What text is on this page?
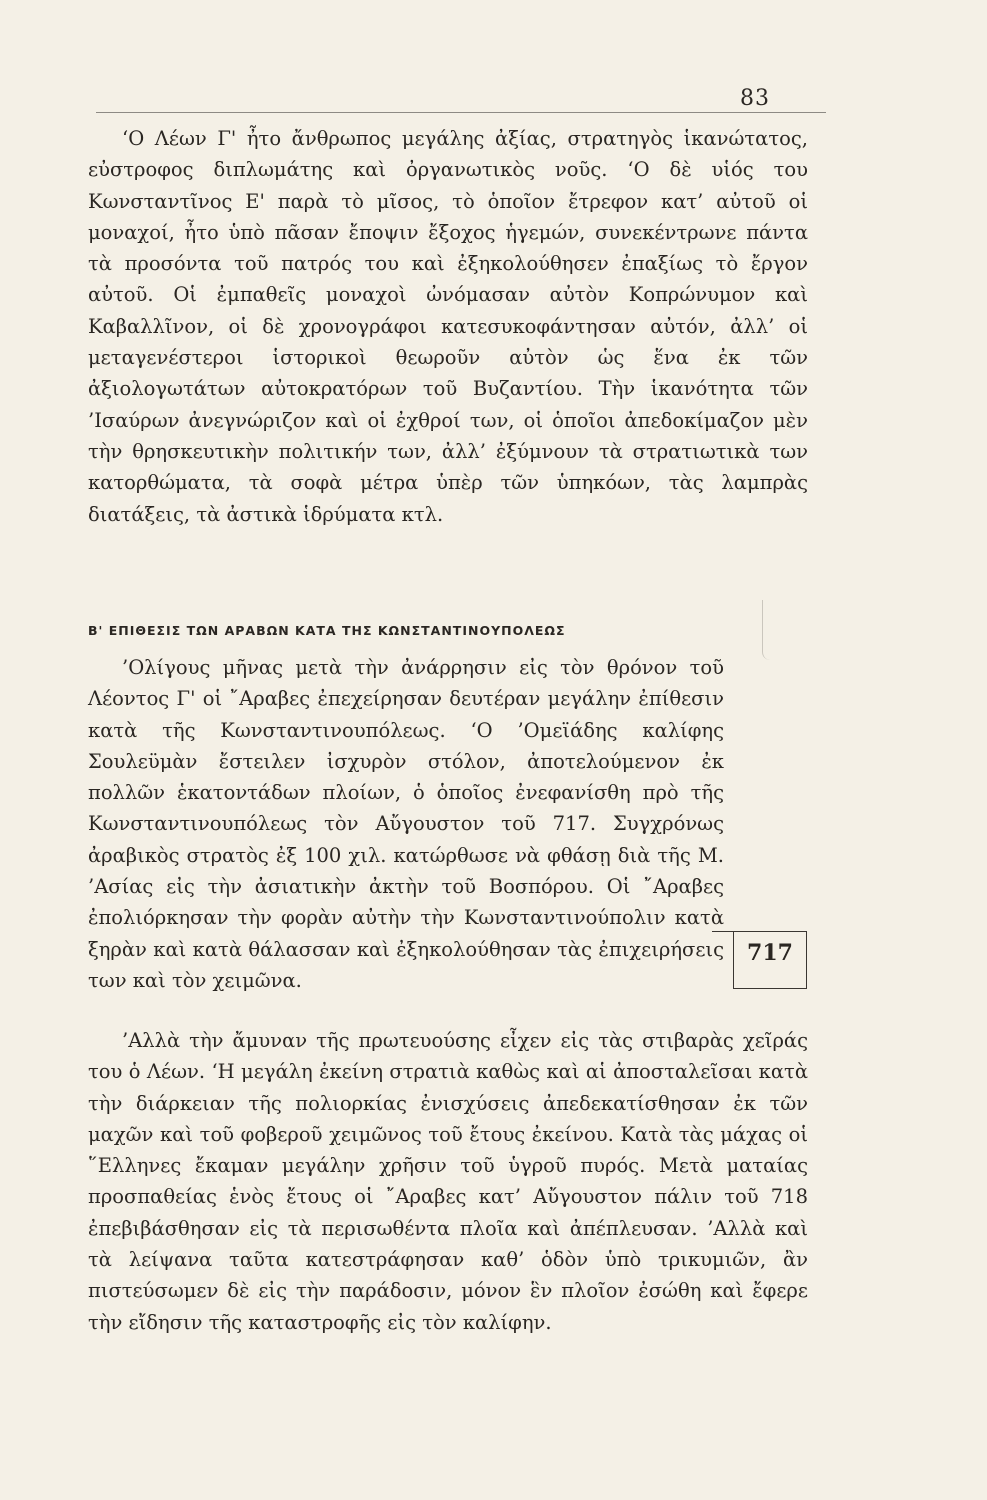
83

‘Ο Λέων Γ' ἦτο ἄνθρωπος μεγάλης ἀξίας, στρατηγὸς ἱκανώτατος, εὐστροφος διπλωμάτης καὶ ὀργανωτικὸς νοῦς. ‘Ο δὲ υἱός του Κωνσταντῖνος Ε' παρὰ τὸ μῖσος, τὸ ὁποῖον ἔτρεφον κατ’ αὐτοῦ οἱ μοναχοί, ἦτο ὑπὸ πᾶσαν ἔποψιν ἔξοχος ἡγεμών, συνεκέντρωνε πάντα τὰ προσόντα τοῦ πατρός του καὶ ἐξηκολούθησεν ἐπαξίως τὸ ἔργον αὐτοῦ. Οἱ ἐμπαθεῖς μοναχοὶ ὠνόμασαν αὐτὸν Κοπρώνυμον καὶ Καβαλλῖνον, οἱ δὲ χρονογράφοι κατεσυκοφάντησαν αὐτόν, ἀλλ’ οἱ μεταγενέστεροι ἱστορικοὶ θεωροῦν αὐτὸν ὡς ἕνα ἐκ τῶν ἀξιολογωτάτων αὐτοκρατόρων τοῦ Βυζαντίου. Τὴν ἱκανότητα τῶν ’Ισαύρων ἀνεγνώριζον καὶ οἱ ἐχθροί των, οἱ ὁποῖοι ἀπεδοκίμαζον μὲν τὴν θρησκευτικὴν πολιτικήν των, ἀλλ’ ἐξύμνουν τὰ στρατιωτικὰ των κατορθώματα, τὰ σοφὰ μέτρα ὑπὲρ τῶν ὑπηκόων, τὰς λαμπρὰς διατάξεις, τὰ ἀστικὰ ἱδρύματα κτλ.

Β' ΕΠΙΘΕΣΙΣ ΤΩΝ ΑΡΑΒΩΝ ΚΑΤΑ ΤΗΣ ΚΩΝΣΤΑΝΤΙΝΟΥΠΟΛΕΩΣ

’Ολίγους μῆνας μετὰ τὴν ἀνάρρησιν εἰς τὸν θρόνον τοῦ Λέοντος Γ' οἱ ῎Αραβες ἐπεχείρησαν δευτέραν μεγάλην ἐπίθεσιν κατὰ τῆς Κωνσταντινουπόλεως. ‘Ο ’Ομεϊάδης καλίφης Σουλεϋμὰν ἔστειλεν ἰσχυρὸν στόλον, ἀποτελούμενον ἐκ πολλῶν ἑκατοντάδων πλοίων, ὁ ὁποῖος ἐνεφανίσθη πρὸ τῆς Κωνσταντινουπόλεως τὸν Αὔγουστον τοῦ 717. Συγχρόνως ἀραβικὸς στρατὸς ἐξ 100 χιλ. κατώρθωσε νὰ φθάσῃ διὰ τῆς Μ. ’Ασίας εἰς τὴν ἀσιατικὴν ἀκτὴν τοῦ Βοσπόρου. Οἱ ῎Αραβες ἐπολιόρκησαν τὴν φορὰν αὐτὴν τὴν Κωνσταντινούπολιν κατὰ ξηρὰν καὶ κατὰ θάλασσαν καὶ ἐξηκολούθησαν τὰς ἐπιχειρήσεις των καὶ τὸν χειμῶνα.

717

’Αλλὰ τὴν ἄμυναν τῆς πρωτευούσης εἶχεν εἰς τὰς στιβαρὰς χεῖράς του ὁ Λέων. ‘Η μεγάλη ἐκείνη στρατιὰ καθὼς καὶ αἱ ἀποσταλεῖσαι κατὰ τὴν διάρκειαν τῆς πολιορκίας ἐνισχύσεις ἀπεδεκατίσθησαν ἐκ τῶν μαχῶν καὶ τοῦ φοβεροῦ χειμῶνος τοῦ ἔτους ἐκείνου. Κατὰ τὰς μάχας οἱ ῞Ελληνες ἔκαμαν μεγάλην χρῆσιν τοῦ ὑγροῦ πυρός. Μετὰ ματαίας προσπαθείας ἑνὸς ἔτους οἱ ῎Αραβες κατ’ Αὔγουστον πάλιν τοῦ 718 ἐπεβιβάσθησαν εἰς τὰ περισωθέντα πλοῖα καὶ ἀπέπλευσαν. ’Αλλὰ καὶ τὰ λείψανα ταῦτα κατεστράφησαν καθ’ ὁδὸν ὑπὸ τρικυμιῶν, ἂν πιστεύσωμεν δὲ εἰς τὴν παράδοσιν, μόνον ἓν πλοῖον ἐσώθη καὶ ἔφερε τὴν εἴδησιν τῆς καταστροφῆς εἰς τὸν καλίφην.
